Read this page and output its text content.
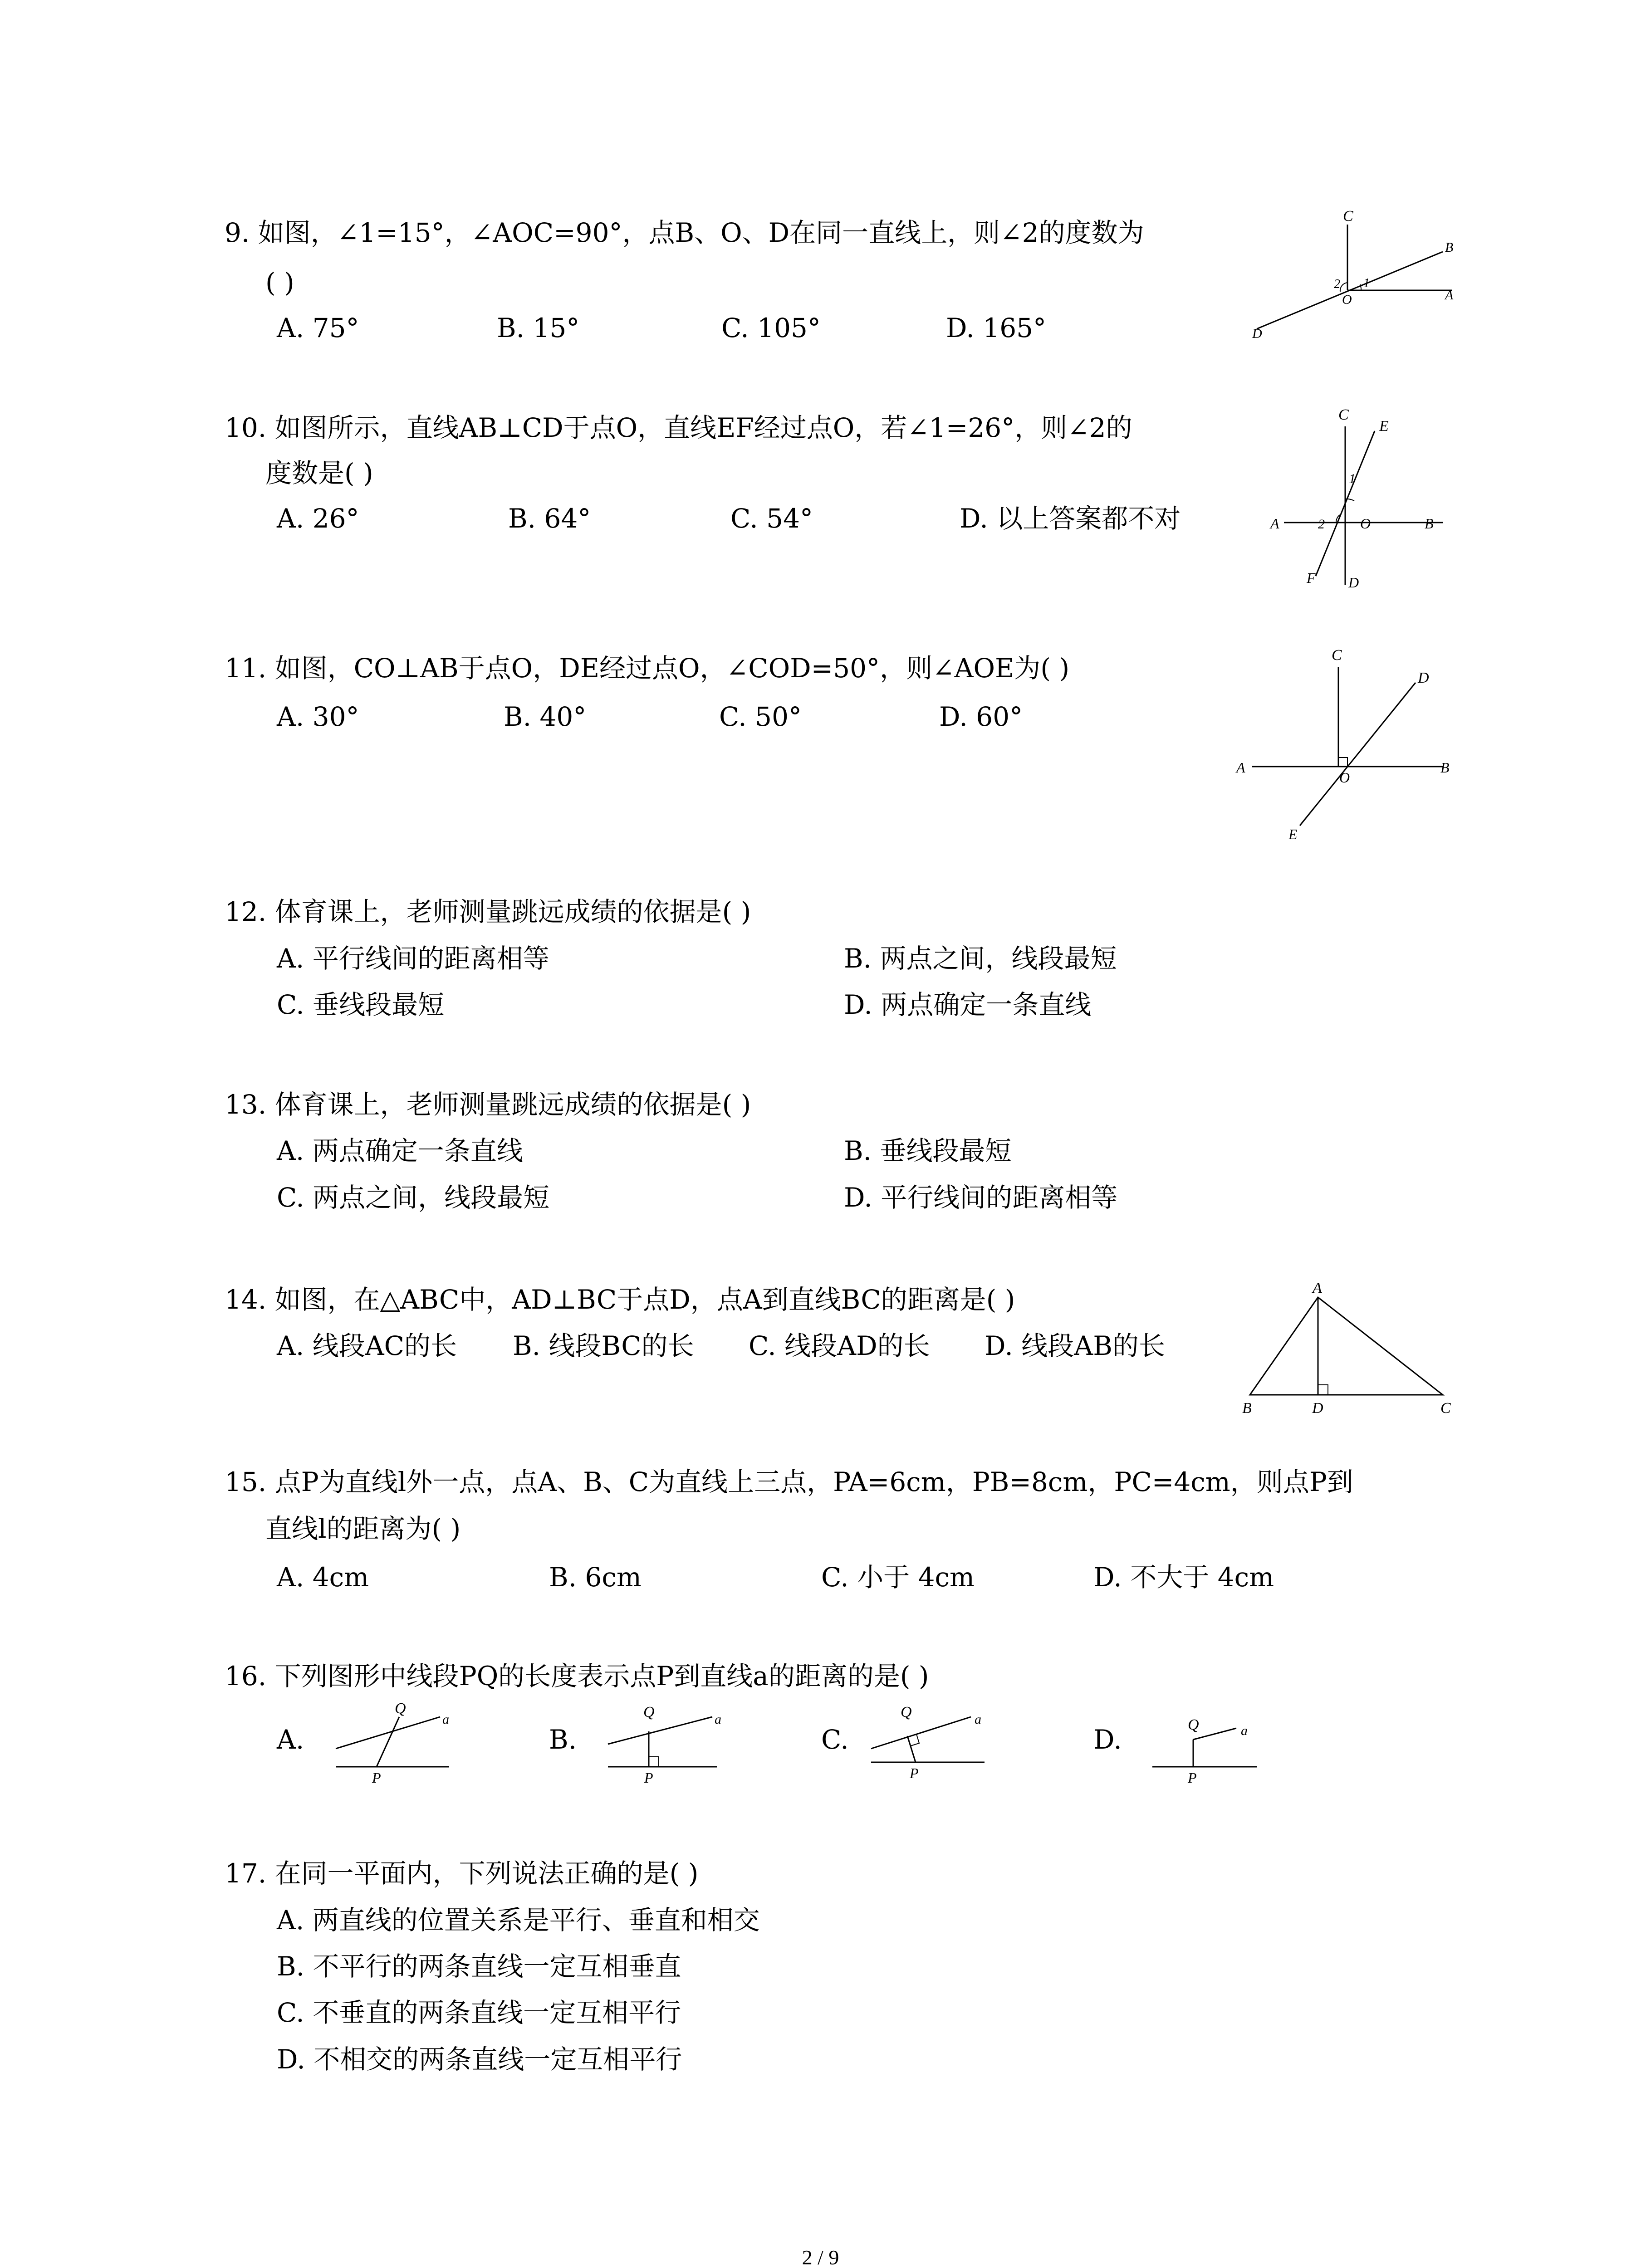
9. 如图，∠1=15°，∠AOC=90°，点B、O、D在同一直线上，则∠2的度数为
( )
A. 75°	B. 15°	C. 105°	D. 165°
C
B
A
O
D
1
2
10. 如图所示，直线AB⊥CD于点O，直线EF经过点O，若∠1=26°，则∠2的
度数是( )
A. 26°	B. 64°	C. 54°	D. 以上答案都不对
C
E
A	O	B
F D
1
2
11. 如图，CO⊥AB于点O，DE经过点O，∠COD=50°，则∠AOE为( )
A. 30°	B. 40°	C. 50°	D. 60°
C
D
A
O
B
E
12. 体育课上，老师测量跳远成绩的依据是( )
A. 平行线间的距离相等	B. 两点之间，线段最短
C. 垂线段最短	D. 两点确定一条直线
13. 体育课上，老师测量跳远成绩的依据是( )
A. 两点确定一条直线	B. 垂线段最短
C. 两点之间，线段最短	D. 平行线间的距离相等
14. 如图，在△ABC中，AD⊥BC于点D，点A到直线BC的距离是( )
A. 线段AC的长 B. 线段BC的长 C. 线段AD的长 D. 线段AB的长
A
B	D	C
15. 点P为直线l外一点，点A、B、C为直线上三点，PA=6cm，PB=8cm，PC=4cm，则点P到
直线l的距离为( )
A. 4cm	B. 6cm	C. 小于 4cm	D. 不大于 4cm
16. 下列图形中线段PQ的长度表示点P到直线a的距离的是( )
A.
Q
a
P
B.
Q	a
P
C.
Q	a
P
D.	Q	a
P
17. 在同一平面内，下列说法正确的是( )
A. 两直线的位置关系是平行、垂直和相交
B. 不平行的两条直线一定互相垂直
C. 不垂直的两条直线一定互相平行
D. 不相交的两条直线一定互相平行
2 / 9
